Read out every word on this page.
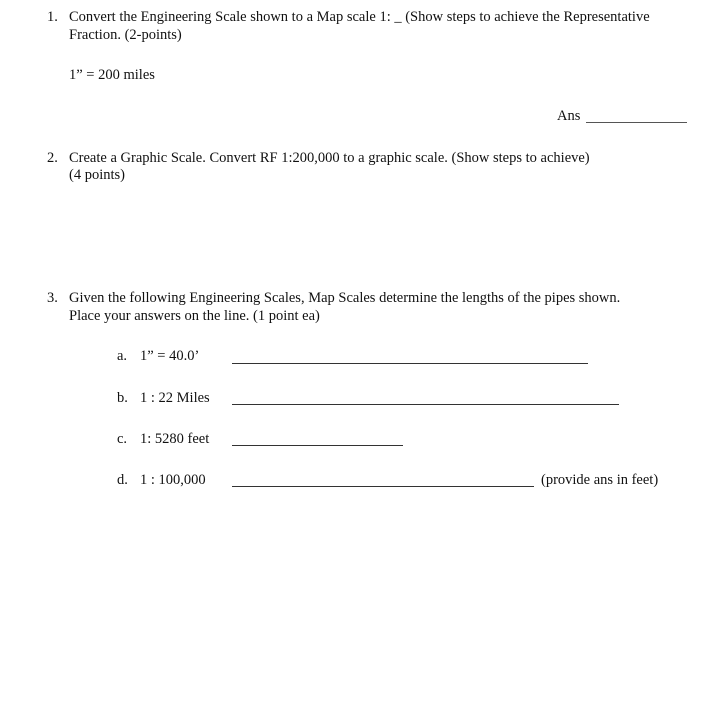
1. Convert the Engineering Scale shown to a Map scale 1: _ (Show steps to achieve the Representative
Fraction. (2-points)
1” = 200 miles
Ans
2. Create a Graphic Scale. Convert RF 1:200,000 to a graphic scale. (Show steps to achieve)
(4 points)
3. Given the following Engineering Scales, Map Scales determine the lengths of the pipes shown.
Place your answers on the line. (1 point ea)
a. 1” = 40.0’
b. 1 : 22 Miles
c. 1: 5280 feet
d. 1 : 100,000	(provide ans in feet)
